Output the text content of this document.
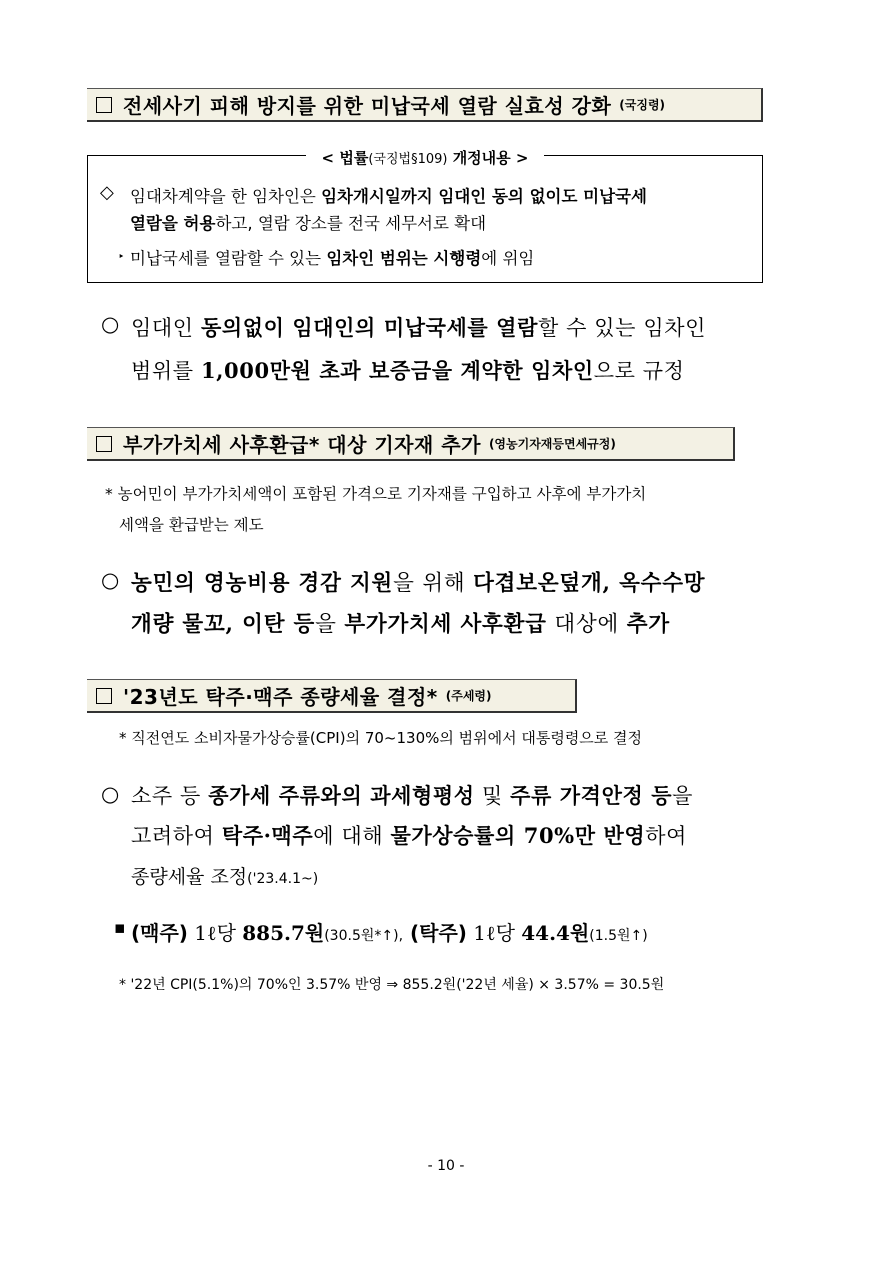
전세사기 피해 방지를 위한 미납국세 열람 실효성 강화 (국징령)
< 법률(국징법§109) 개정내용 >
◇ 임대차계약을 한 임차인은 임차개시일까지 임대인 동의 없이도 미납국세
열람을 허용하고, 열람 장소를 전국 세무서로 확대
‣ 미납국세를 열람할 수 있는 임차인 범위는 시행령에 위임
○ 임대인 동의없이 임대인의 미납국세를 열람할 수 있는 임차인
범위를 1,000만원 초과 보증금을 계약한 임차인으로 규정
부가가치세 사후환급* 대상 기자재 추가 (영농기자재등면세규정)
* 농어민이 부가가치세액이 포함된 가격으로 기자재를 구입하고 사후에 부가가치
세액을 환급받는 제도
○ 농민의 영농비용 경감 지원을 위해 다겹보온덮개, 옥수수망
개량 물꼬, 이탄 등을 부가가치세 사후환급 대상에 추가
'23년도 탁주·맥주 종량세율 결정* (주세령)
* 직전연도 소비자물가상승률(CPI)의 70~130%의 범위에서 대통령령으로 결정
○ 소주 등 종가세 주류와의 과세형평성 및 주류 가격안정 등을
고려하여 탁주·맥주에 대해 물가상승률의 70%만 반영하여
종량세율 조정('23.4.1~)
▪ (맥주) 1ℓ당 885.7원(30.5원*↑), (탁주) 1ℓ당 44.4원(1.5원↑)
* '22년 CPI(5.1%)의 70%인 3.57% 반영 ⇒ 855.2원('22년 세율) × 3.57% = 30.5원
- 10 -
